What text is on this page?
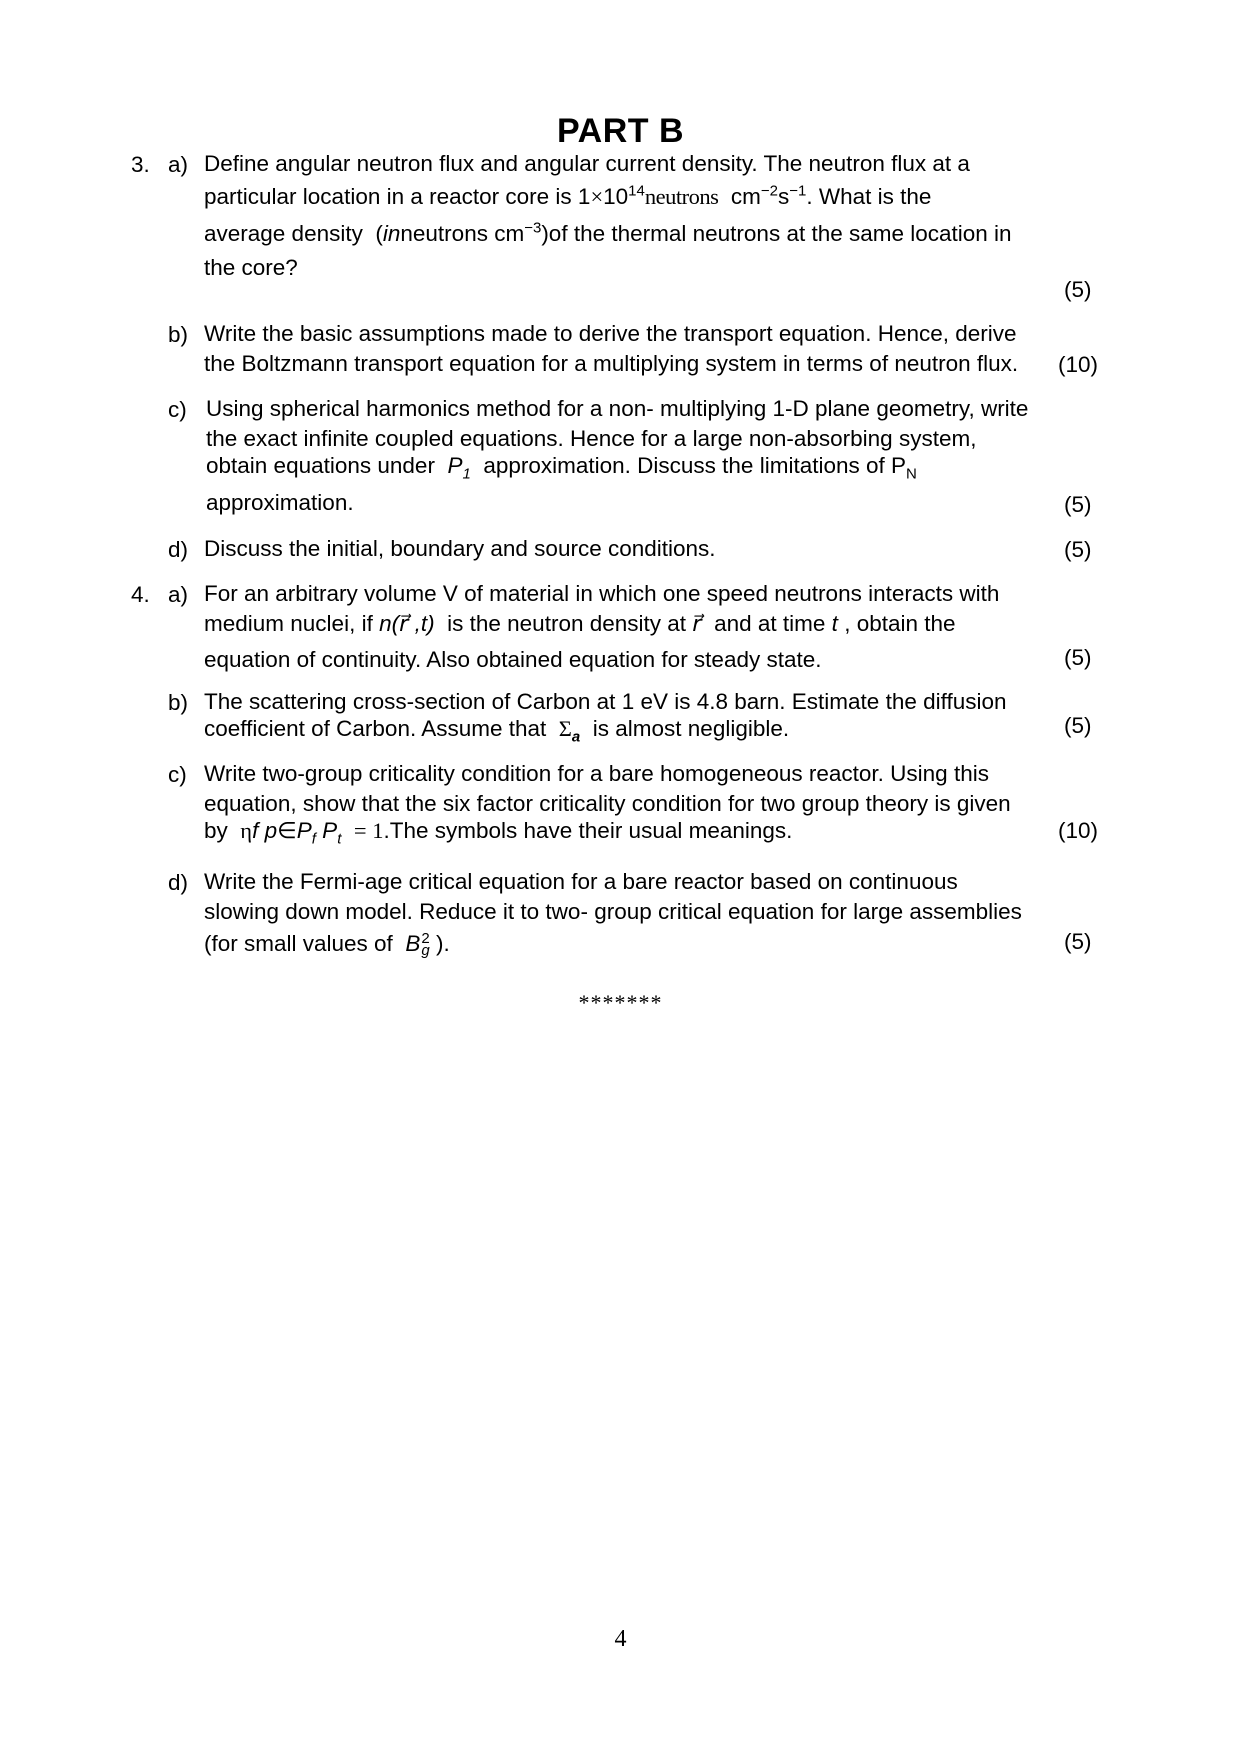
PART B
3. a) Define angular neutron flux and angular current density. The neutron flux at a
particular location in a reactor core is $1\times 10^{14}neutrons$ $cm^{-2}s^{-1}$. What is the
average density (inneutrons $cm^{-3})of$ the thermal neutrons at the same location in
the core?
(5)
b) Write the basic assumptions made to derive the transport equation. Hence, derive
the Boltzmann transport equation for a multiplying system in terms of neutron flux.	(10)
c) Using spherical harmonics method for a non- multiplying 1-D plane geometry, write
the exact infinite coupled equations. Hence for a large non-absorbing system,
obtain equations under $P_1$ approximation. Discuss the limitations of $P_N$
approximation.	(5)
d) Discuss the initial, boundary and source conditions.	(5)
4. a) For an arbitrary volume V of material in which one speed neutrons interacts with
medium nuclei, if n(r⃗ ,t) is the neutron density at r⃗ and at time t , obtain the
equation of continuity. Also obtained equation for steady state.	(5)
b) The scattering cross-section of Carbon at 1 eV is 4.8 barn. Estimate the diffusion
coefficient of Carbon. Assume that $\Sigma_a$ is almost negligible.	(5)
c) Write two-group criticality condition for a bare homogeneous reactor. Using this
equation, show that the six factor criticality condition for two group theory is given
by ηf $p\in P_f$ $P_t = 1.The$ symbols have their usual meanings.	(10)
d) Write the Fermi-age critical equation for a bare reactor based on continuous
slowing down model. Reduce it to two- group critical equation for large assemblies
(for small values of B 2
g ).	(5)
*******
4
